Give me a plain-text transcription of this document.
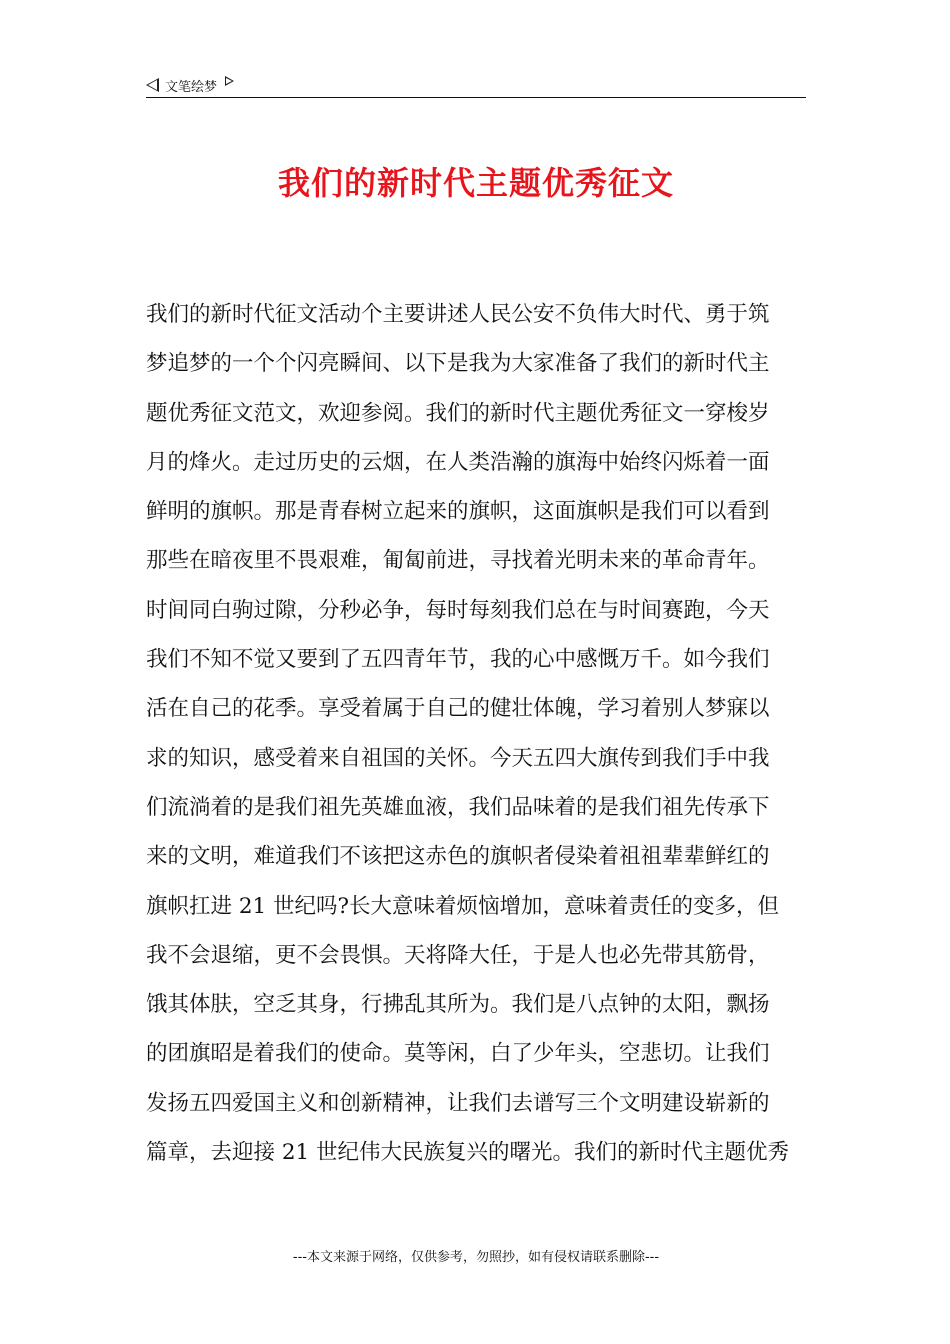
文笔绘梦
我们的新时代主题优秀征文
我们的新时代征文活动个主要讲述人民公安不负伟大时代、勇于筑
梦追梦的一个个闪亮瞬间、以下是我为大家准备了我们的新时代主
题优秀征文范文，欢迎参阅。我们的新时代主题优秀征文一穿梭岁
月的烽火。走过历史的云烟，在人类浩瀚的旗海中始终闪烁着一面
鲜明的旗帜。那是青春树立起来的旗帜，这面旗帜是我们可以看到
那些在暗夜里不畏艰难，匍匐前进，寻找着光明未来的革命青年。
时间同白驹过隙，分秒必争，每时每刻我们总在与时间赛跑，今天
我们不知不觉又要到了五四青年节，我的心中感慨万千。如今我们
活在自己的花季。享受着属于自己的健壮体魄，学习着别人梦寐以
求的知识，感受着来自祖国的关怀。今天五四大旗传到我们手中我
们流淌着的是我们祖先英雄血液，我们品味着的是我们祖先传承下
来的文明，难道我们不该把这赤色的旗帜者侵染着祖祖辈辈鲜红的
旗帜扛进 21 世纪吗?长大意味着烦恼增加，意味着责任的变多，但
我不会退缩，更不会畏惧。天将降大任，于是人也必先带其筋骨，
饿其体肤，空乏其身，行拂乱其所为。我们是八点钟的太阳，飘扬
的团旗昭是着我们的使命。莫等闲，白了少年头，空悲切。让我们
发扬五四爱国主义和创新精神，让我们去谱写三个文明建设崭新的
篇章，去迎接 21 世纪伟大民族复兴的曙光。我们的新时代主题优秀
---本文来源于网络，仅供参考，勿照抄，如有侵权请联系删除---
